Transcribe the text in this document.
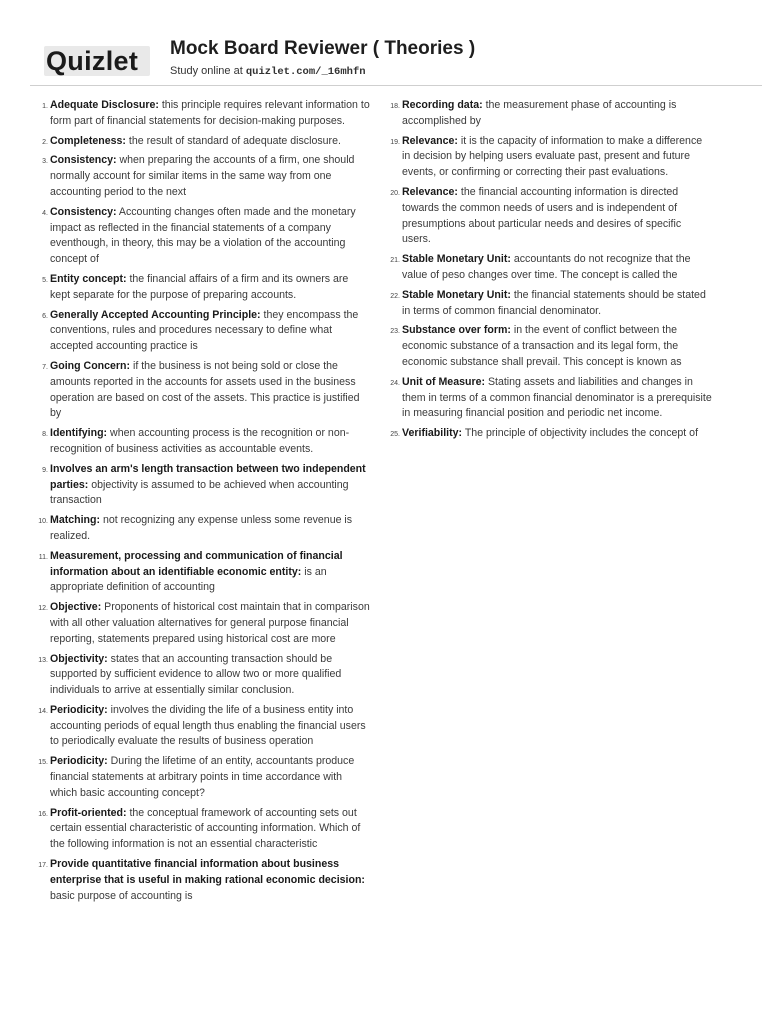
Quizlet Mock Board Reviewer ( Theories )
Study online at quizlet.com/_16mhfn
1 . Adequate Disclosure: this principle requires relevant information to form part of financial statements for decision-making purposes.
2 . Completeness: the result of standard of adequate disclosure.
3 . Consistency: when preparing the accounts of a firm, one should normally account for similar items in the same way from one accounting period to the next
4 . Consistency: Accounting changes often made and the monetary impact as reflected in the financial statements of a company eventhough, in theory, this may be a violation of the accounting concept of
5 . Entity concept: the financial affairs of a firm and its owners are kept separate for the purpose of preparing accounts.
6 . Generally Accepted Accounting Principle: they encompass the conventions, rules and procedures necessary to define what accepted accounting practice is
7 . Going Concern: if the business is not being sold or close the amounts reported in the accounts for assets used in the business operation are based on cost of the assets. This practice is justified by
8 . Identifying: when accounting process is the recognition or non-recognition of business activities as accountable events.
9 . Involves an arm's length transaction between two independent parties: objectivity is assumed to be achieved when accounting transaction
10 . Matching: not recognizing any expense unless some revenue is realized.
11 . Measurement, processing and communication of financial information about an identifiable economic entity: is an appropriate definition of accounting
12 . Objective: Proponents of historical cost maintain that in comparison with all other valuation alternatives for general purpose financial reporting, statements prepared using historical cost are more
13 . Objectivity: states that an accounting transaction should be supported by sufficient evidence to allow two or more qualified individuals to arrive at essentially similar conclusion.
14 . Periodicity: involves the dividing the life of a business entity into accounting periods of equal length thus enabling the financial users to periodically evaluate the results of business operation
15 . Periodicity: During the lifetime of an entity, accountants produce financial statements at arbitrary points in time accordance with which basic accounting concept?
16 . Profit-oriented: the conceptual framework of accounting sets out certain essential characteristic of accounting information. Which of the following information is not an essential characteristic
17 . Provide quantitative financial information about business enterprise that is useful in making rational economic decision: basic purpose of accounting is
18 . Recording data: the measurement phase of accounting is accomplished by
19 . Relevance: it is the capacity of information to make a difference in decision by helping users evaluate past, present and future events, or confirming or correcting their past evaluations.
20 . Relevance: the financial accounting information is directed towards the common needs of users and is independent of presumptions about particular needs and desires of specific users.
21 . Stable Monetary Unit: accountants do not recognize that the value of peso changes over time. The concept is called the
22 . Stable Monetary Unit: the financial statements should be stated in terms of common financial denominator.
23 . Substance over form: in the event of conflict between the economic substance of a transaction and its legal form, the economic substance shall prevail. This concept is known as
24 . Unit of Measure: Stating assets and liabilities and changes in them in terms of a common financial denominator is a prerequisite in measuring financial position and periodic net income.
25 . Verifiability: The principle of objectivity includes the concept of
